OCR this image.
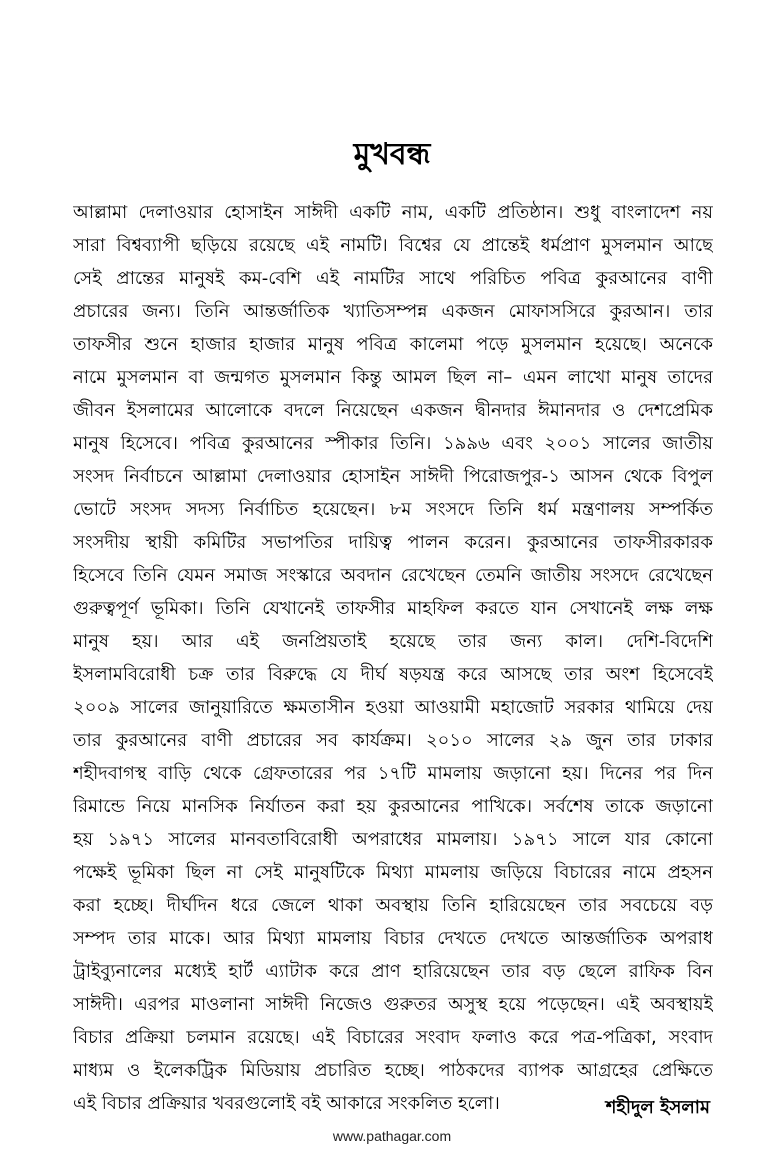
মুখবন্ধ
আল্লামা দেলাওয়ার হোসাইন সাঈদী একটি নাম, একটি প্রতিষ্ঠান। শুধু বাংলাদেশ নয়
সারা বিশ্বব্যাপী ছড়িয়ে রয়েছে এই নামটি। বিশ্বের যে প্রান্তেই ধর্মপ্রাণ মুসলমান আছে
সেই প্রান্তের মানুষই কম-বেশি এই নামটির সাথে পরিচিত পবিত্র কুরআনের বাণী
প্রচারের জন্য। তিনি আন্তর্জাতিক খ্যাতিসম্পন্ন একজন মোফাসসিরে কুরআন। তার
তাফসীর শুনে হাজার হাজার মানুষ পবিত্র কালেমা পড়ে মুসলমান হয়েছে। অনেকে
নামে মুসলমান বা জন্মগত মুসলমান কিন্তু আমল ছিল না– এমন লাখো মানুষ তাদের
জীবন ইসলামের আলোকে বদলে নিয়েছেন একজন দ্বীনদার ঈমানদার ও দেশপ্রেমিক
মানুষ হিসেবে। পবিত্র কুরআনের স্পীকার তিনি। ১৯৯৬ এবং ২০০১ সালের জাতীয়
সংসদ নির্বাচনে আল্লামা দেলাওয়ার হোসাইন সাঈদী পিরোজপুর-১ আসন থেকে বিপুল
ভোটে সংসদ সদস্য নির্বাচিত হয়েছেন। ৮ম সংসদে তিনি ধর্ম মন্ত্রণালয় সম্পর্কিত
সংসদীয় স্থায়ী কমিটির সভাপতির দায়িত্ব পালন করেন। কুরআনের তাফসীরকারক
হিসেবে তিনি যেমন সমাজ সংস্কারে অবদান রেখেছেন তেমনি জাতীয় সংসদে রেখেছেন
গুরুত্বপূর্ণ ভূমিকা। তিনি যেখানেই তাফসীর মাহফিল করতে যান সেখানেই লক্ষ লক্ষ
মানুষ হয়। আর এই জনপ্রিয়তাই হয়েছে তার জন্য কাল। দেশি-বিদেশি
ইসলামবিরোধী চক্র তার বিরুদ্ধে যে দীর্ঘ ষড়যন্ত্র করে আসছে তার অংশ হিসেবেই
২০০৯ সালের জানুয়ারিতে ক্ষমতাসীন হওয়া আওয়ামী মহাজোট সরকার থামিয়ে দেয়
তার কুরআনের বাণী প্রচারের সব কার্যক্রম। ২০১০ সালের ২৯ জুন তার ঢাকার
শহীদবাগস্থ বাড়ি থেকে গ্রেফতারের পর ১৭টি মামলায় জড়ানো হয়। দিনের পর দিন
রিমান্ডে নিয়ে মানসিক নির্যাতন করা হয় কুরআনের পাখিকে। সর্বশেষ তাকে জড়ানো
হয় ১৯৭১ সালের মানবতাবিরোধী অপরাধের মামলায়। ১৯৭১ সালে যার কোনো
পক্ষেই ভূমিকা ছিল না সেই মানুষটিকে মিথ্যা মামলায় জড়িয়ে বিচারের নামে প্রহসন
করা হচ্ছে। দীর্ঘদিন ধরে জেলে থাকা অবস্থায় তিনি হারিয়েছেন তার সবচেয়ে বড়
সম্পদ তার মাকে। আর মিথ্যা মামলায় বিচার দেখতে দেখতে আন্তর্জাতিক অপরাধ
ট্রাইব্যুনালের মধ্যেই হার্ট এ্যাটাক করে প্রাণ হারিয়েছেন তার বড় ছেলে রাফিক বিন
সাঈদী। এরপর মাওলানা সাঈদী নিজেও গুরুতর অসুস্থ হয়ে পড়েছেন। এই অবস্থায়ই
বিচার প্রক্রিয়া চলমান রয়েছে। এই বিচারের সংবাদ ফলাও করে পত্র-পত্রিকা, সংবাদ
মাধ্যম ও ইলেকট্রিক মিডিয়ায় প্রচারিত হচ্ছে। পাঠকদের ব্যাপক আগ্রহের প্রেক্ষিতে
এই বিচার প্রক্রিয়ার খবরগুলোই বই আকারে সংকলিত হলো।	শহীদুল ইসলাম
www.pathagar.com
